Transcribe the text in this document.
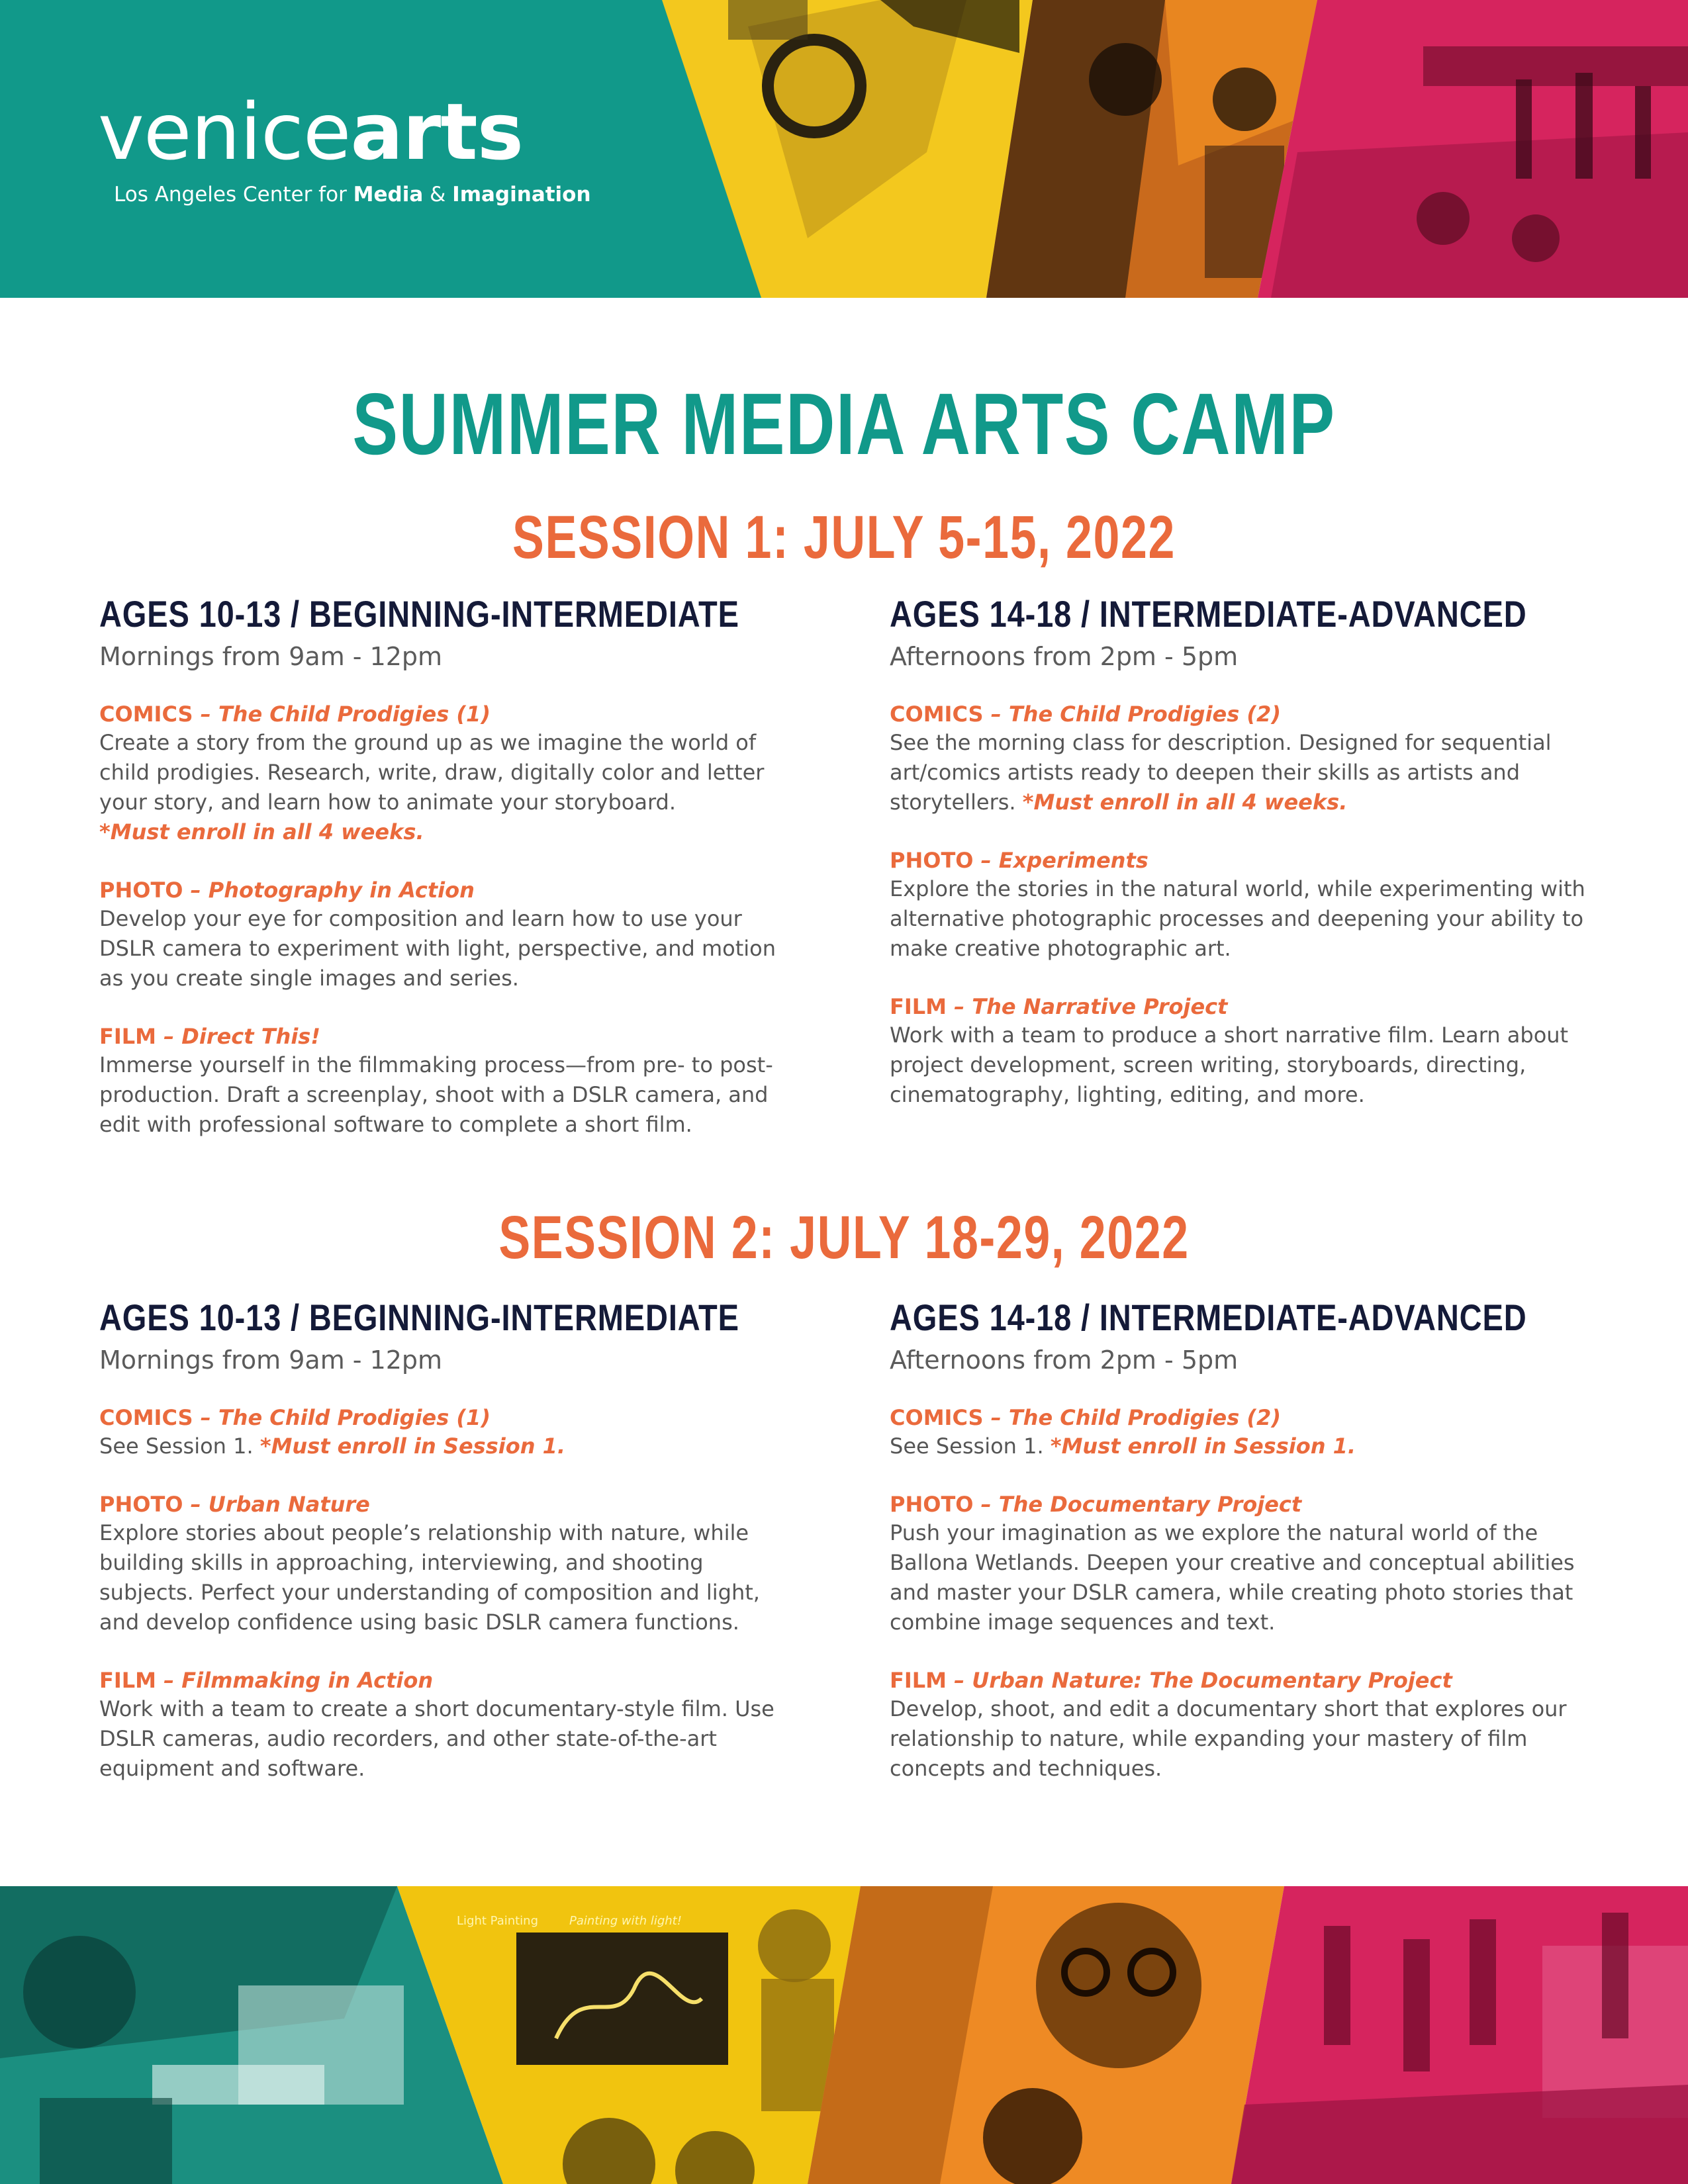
venicearts
Los Angeles Center for Media & Imagination
SUMMER MEDIA ARTS CAMP
SESSION 1: JULY 5-15, 2022
AGES 10-13 / BEGINNING-INTERMEDIATE

Mornings from 9am - 12pm

COMICS – The Child Prodigies (1)

Create a story from the ground up as we imagine the world of child prodigies. Research, write, draw, digitally color and letter your story, and learn how to animate your storyboard.
*Must enroll in all 4 weeks.

PHOTO – Photography in Action

Develop your eye for composition and learn how to use your DSLR camera to experiment with light, perspective, and motion as you create single images and series.

FILM – Direct This!

Immerse yourself in the filmmaking process—from pre- to post-production. Draft a screenplay, shoot with a DSLR camera, and edit with professional software to complete a short film.

AGES 14-18 / INTERMEDIATE-ADVANCED

Afternoons from 2pm - 5pm

COMICS – The Child Prodigies (2)

See the morning class for description. Designed for sequential art/comics artists ready to deepen their skills as artists and storytellers. *Must enroll in all 4 weeks.

PHOTO – Experiments

Explore the stories in the natural world, while experimenting with alternative photographic processes and deepening your ability to make creative photographic art.

FILM – The Narrative Project

Work with a team to produce a short narrative film. Learn about project development, screen writing, storyboards, directing, cinematography, lighting, editing, and more.

SESSION 2: JULY 18-29, 2022
AGES 10-13 / BEGINNING-INTERMEDIATE

Mornings from 9am - 12pm

COMICS – The Child Prodigies (1)

See Session 1. *Must enroll in Session 1.

PHOTO – Urban Nature

Explore stories about people’s relationship with nature, while building skills in approaching, interviewing, and shooting subjects. Perfect your understanding of composition and light, and develop confidence using basic DSLR camera functions.

FILM – Filmmaking in Action

Work with a team to create a short documentary-style film. Use DSLR cameras, audio recorders, and other state-of-the-art equipment and software.

AGES 14-18 / INTERMEDIATE-ADVANCED

Afternoons from 2pm - 5pm

COMICS – The Child Prodigies (2)

See Session 1. *Must enroll in Session 1.

PHOTO – The Documentary Project

Push your imagination as we explore the natural world of the Ballona Wetlands. Deepen your creative and conceptual abilities and master your DSLR camera, while creating photo stories that combine image sequences and text.

FILM – Urban Nature: The Documentary Project

Develop, shoot, and edit a documentary short that explores our relationship to nature, while expanding your mastery of film concepts and techniques.

Light Painting	Painting with light!
